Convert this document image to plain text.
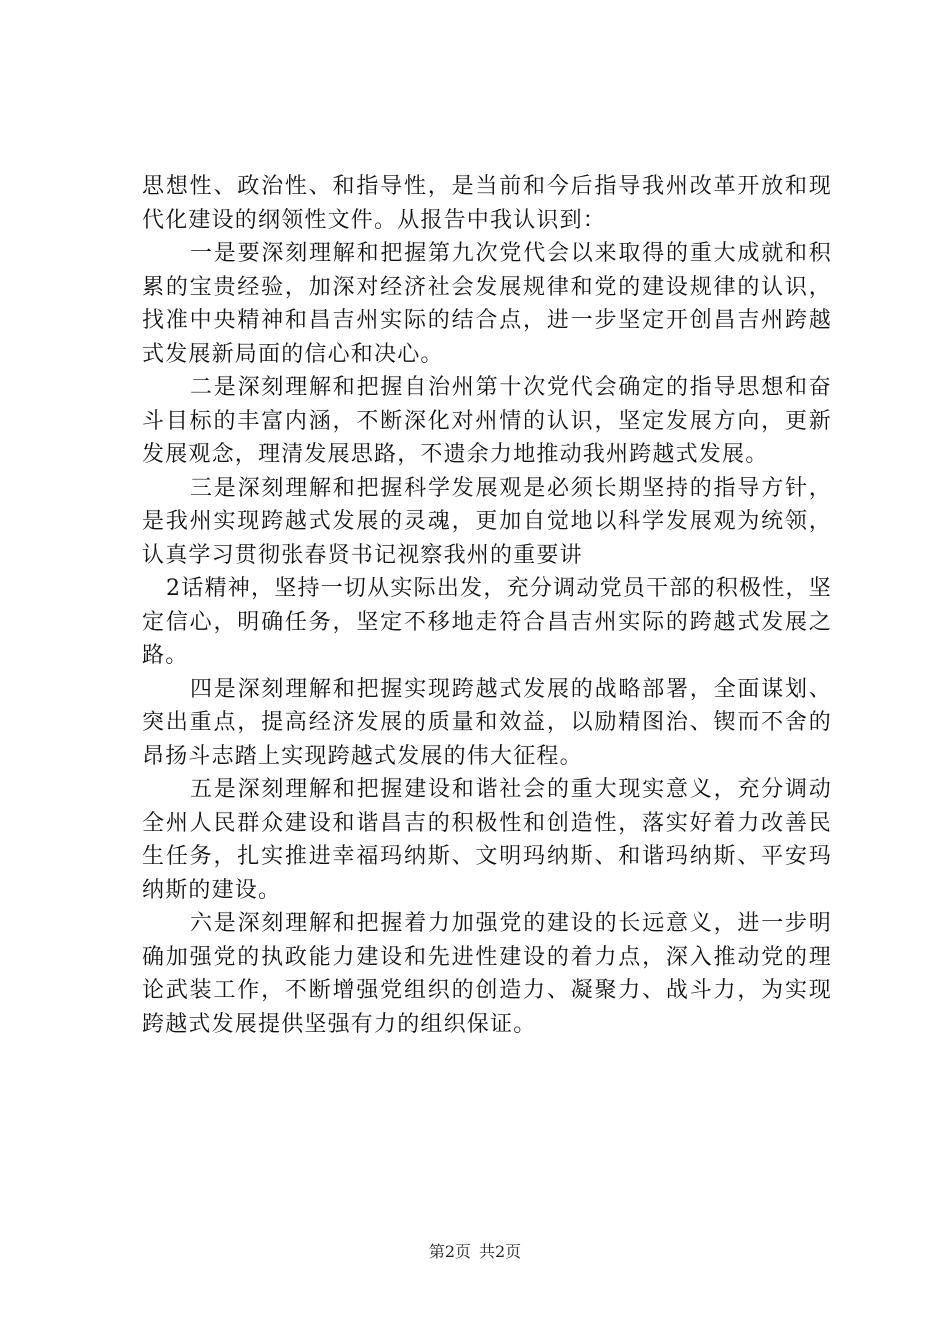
思想性、政治性、和指导性，是当前和今后指导我州改革开放和现代化建设的纲领性文件。从报告中我认识到：

一是要深刻理解和把握第九次党代会以来取得的重大成就和积累的宝贵经验，加深对经济社会发展规律和党的建设规律的认识，找准中央精神和昌吉州实际的结合点，进一步坚定开创昌吉州跨越式发展新局面的信心和决心。

二是深刻理解和把握自治州第十次党代会确定的指导思想和奋斗目标的丰富内涵，不断深化对州情的认识，坚定发展方向，更新发展观念，理清发展思路，不遗余力地推动我州跨越式发展。

三是深刻理解和把握科学发展观是必须长期坚持的指导方针，是我州实现跨越式发展的灵魂，更加自觉地以科学发展观为统领，认真学习贯彻张春贤书记视察我州的重要讲

2话精神，坚持一切从实际出发，充分调动党员干部的积极性，坚定信心，明确任务，坚定不移地走符合昌吉州实际的跨越式发展之路。

四是深刻理解和把握实现跨越式发展的战略部署，全面谋划、突出重点，提高经济发展的质量和效益，以励精图治、锲而不舍的昂扬斗志踏上实现跨越式发展的伟大征程。

五是深刻理解和把握建设和谐社会的重大现实意义，充分调动全州人民群众建设和谐昌吉的积极性和创造性，落实好着力改善民生任务，扎实推进幸福玛纳斯、文明玛纳斯、和谐玛纳斯、平安玛纳斯的建设。

六是深刻理解和把握着力加强党的建设的长远意义，进一步明确加强党的执政能力建设和先进性建设的着力点，深入推动党的理论武装工作，不断增强党组织的创造力、凝聚力、战斗力，为实现跨越式发展提供坚强有力的组织保证。

第2页 共2页
